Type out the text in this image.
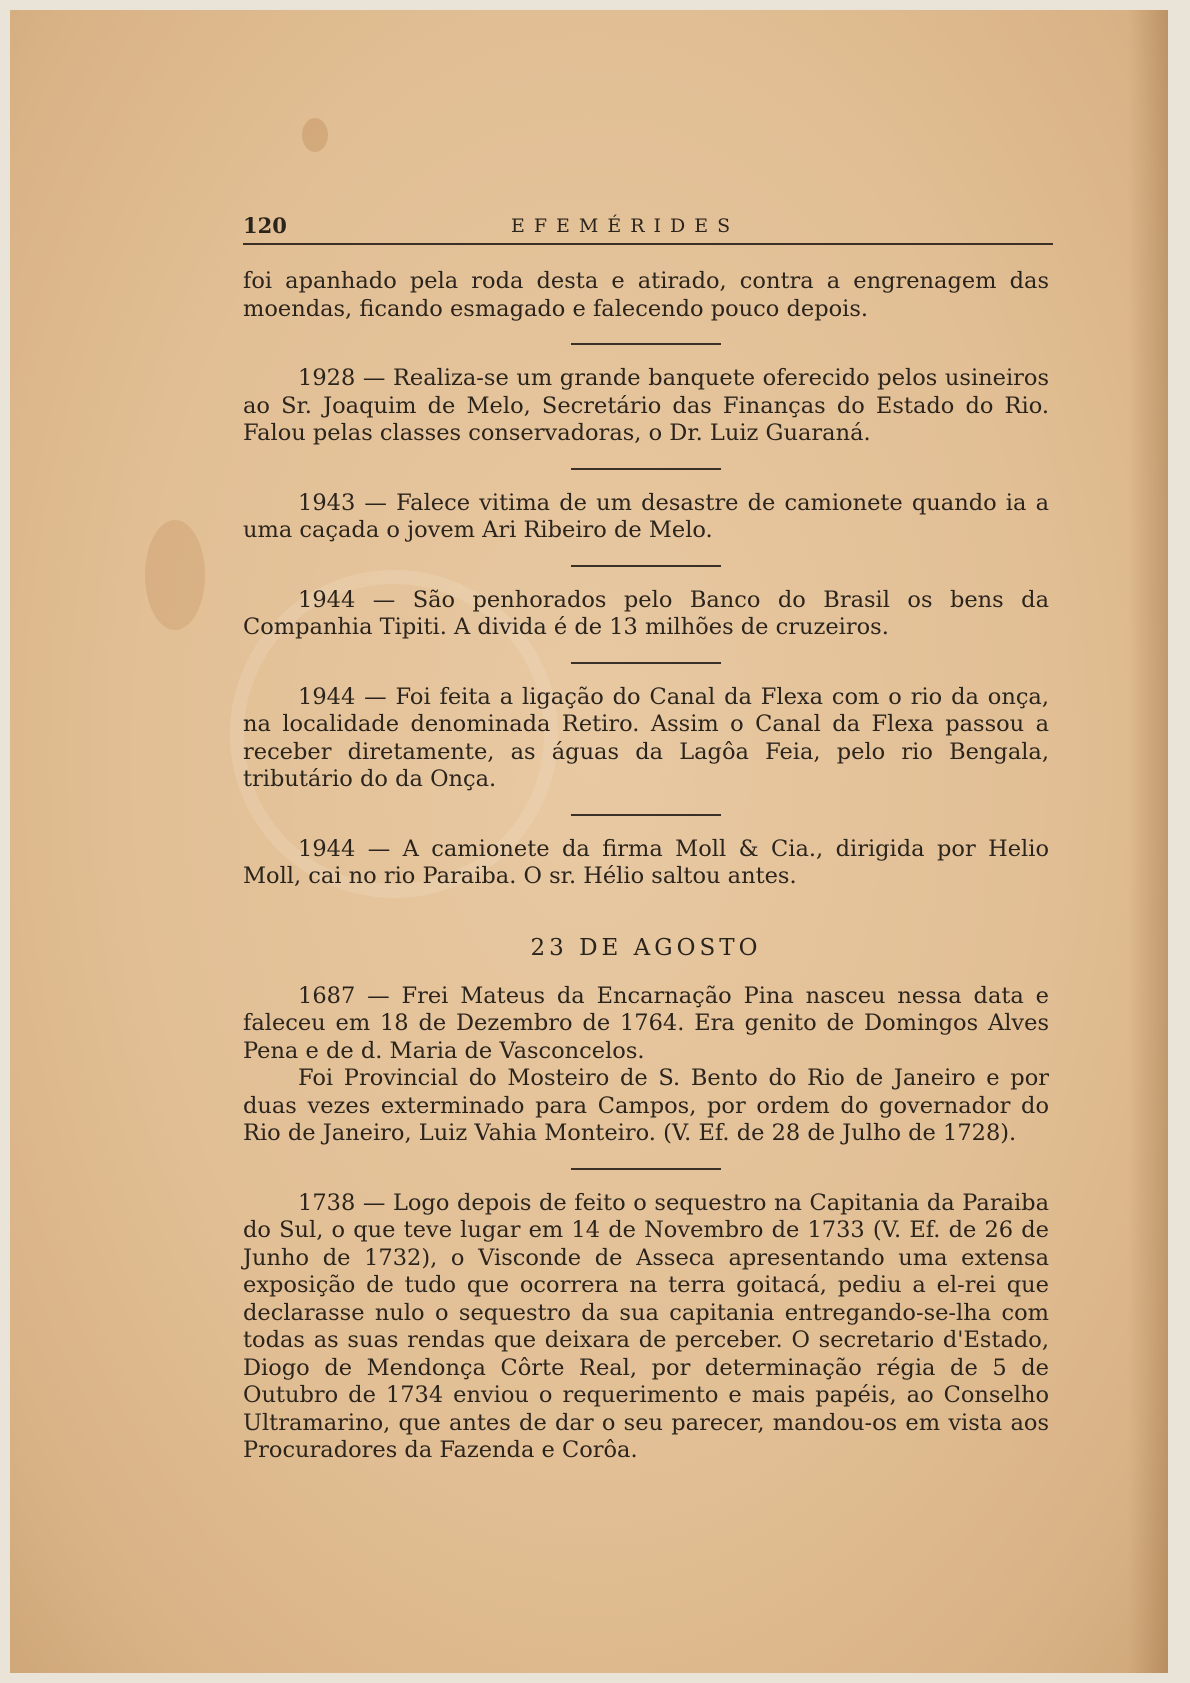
120	EFEMÉRIDES

foi apanhado pela roda desta e atirado, contra a engrenagem das moendas, ficando esmagado e falecendo pouco depois.

1928 — Realiza-se um grande banquete oferecido pelos usineiros ao Sr. Joaquim de Melo, Secretário das Finanças do Estado do Rio. Falou pelas classes conservadoras, o Dr. Luiz Guaraná.

1943 — Falece vitima de um desastre de camionete quando ia a uma caçada o jovem Ari Ribeiro de Melo.

1944 — São penhorados pelo Banco do Brasil os bens da Companhia Tipiti. A divida é de 13 milhões de cruzeiros.

1944 — Foi feita a ligação do Canal da Flexa com o rio da onça, na localidade denominada Retiro. Assim o Canal da Flexa passou a receber diretamente, as águas da Lagôa Feia, pelo rio Bengala, tributário do da Onça.

1944 — A camionete da firma Moll & Cia., dirigida por Helio Moll, cai no rio Paraiba. O sr. Hélio saltou antes.

23 DE AGOSTO

1687 — Frei Mateus da Encarnação Pina nasceu nessa data e faleceu em 18 de Dezembro de 1764. Era genito de Domingos Alves Pena e de d. Maria de Vasconcelos.

Foi Provincial do Mosteiro de S. Bento do Rio de Janeiro e por duas vezes exterminado para Campos, por ordem do governador do Rio de Janeiro, Luiz Vahia Monteiro. (V. Ef. de 28 de Julho de 1728).

1738 — Logo depois de feito o sequestro na Capitania da Paraiba do Sul, o que teve lugar em 14 de Novembro de 1733 (V. Ef. de 26 de Junho de 1732), o Visconde de Asseca apresentando uma extensa exposição de tudo que ocorrera na terra goitacá, pediu a el-rei que declarasse nulo o sequestro da sua capitania entregando-se-lha com todas as suas rendas que deixara de perceber. O secretario d'Estado, Diogo de Mendonça Côrte Real, por determinação régia de 5 de Outubro de 1734 enviou o requerimento e mais papéis, ao Conselho Ultramarino, que antes de dar o seu parecer, mandou-os em vista aos Procuradores da Fazenda e Corôa.
